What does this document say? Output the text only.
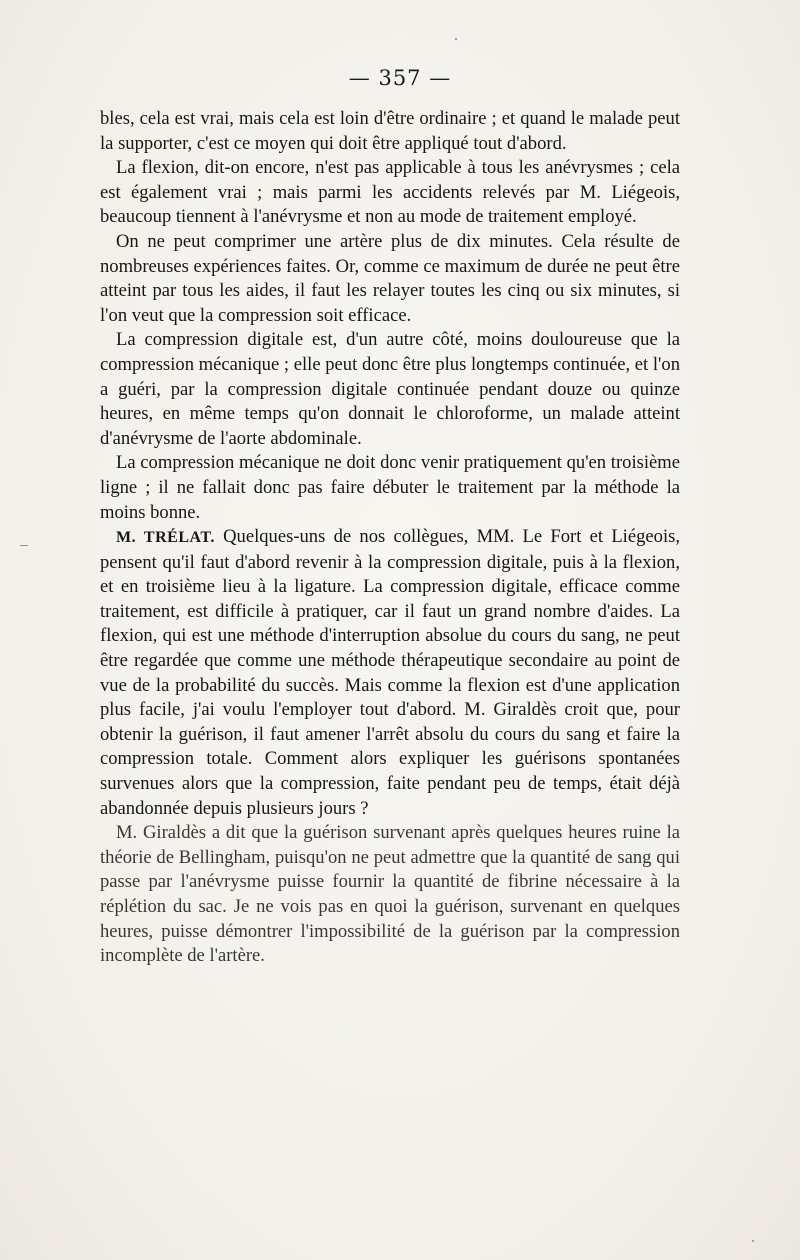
— 357 —

bles, cela est vrai, mais cela est loin d'être ordinaire ; et quand le malade peut la supporter, c'est ce moyen qui doit être appliqué tout d'abord.

La flexion, dit-on encore, n'est pas applicable à tous les anévrysmes ; cela est également vrai ; mais parmi les accidents relevés par M. Liégeois, beaucoup tiennent à l'anévrysme et non au mode de traitement employé.

On ne peut comprimer une artère plus de dix minutes. Cela résulte de nombreuses expériences faites. Or, comme ce maximum de durée ne peut être atteint par tous les aides, il faut les relayer toutes les cinq ou six minutes, si l'on veut que la compression soit efficace.

La compression digitale est, d'un autre côté, moins douloureuse que la compression mécanique ; elle peut donc être plus longtemps continuée, et l'on a guéri, par la compression digitale continuée pendant douze ou quinze heures, en même temps qu'on donnait le chloroforme, un malade atteint d'anévrysme de l'aorte abdominale.

La compression mécanique ne doit donc venir pratiquement qu'en troisième ligne ; il ne fallait donc pas faire débuter le traitement par la méthode la moins bonne.

M. TRÉLAT. Quelques-uns de nos collègues, MM. Le Fort et Liégeois, pensent qu'il faut d'abord revenir à la compression digitale, puis à la flexion, et en troisième lieu à la ligature. La compression digitale, efficace comme traitement, est difficile à pratiquer, car il faut un grand nombre d'aides. La flexion, qui est une méthode d'interruption absolue du cours du sang, ne peut être regardée que comme une méthode thérapeutique secondaire au point de vue de la probabilité du succès. Mais comme la flexion est d'une application plus facile, j'ai voulu l'employer tout d'abord. M. Giraldès croit que, pour obtenir la guérison, il faut amener l'arrêt absolu du cours du sang et faire la compression totale. Comment alors expliquer les guérisons spontanées survenues alors que la compression, faite pendant peu de temps, était déjà abandonnée depuis plusieurs jours ?

M. Giraldès a dit que la guérison survenant après quelques heures ruine la théorie de Bellingham, puisqu'on ne peut admettre que la quantité de sang qui passe par l'anévrysme puisse fournir la quantité de fibrine nécessaire à la réplétion du sac. Je ne vois pas en quoi la guérison, survenant en quelques heures, puisse démontrer l'impossibilité de la guérison par la compression incomplète de l'artère.
